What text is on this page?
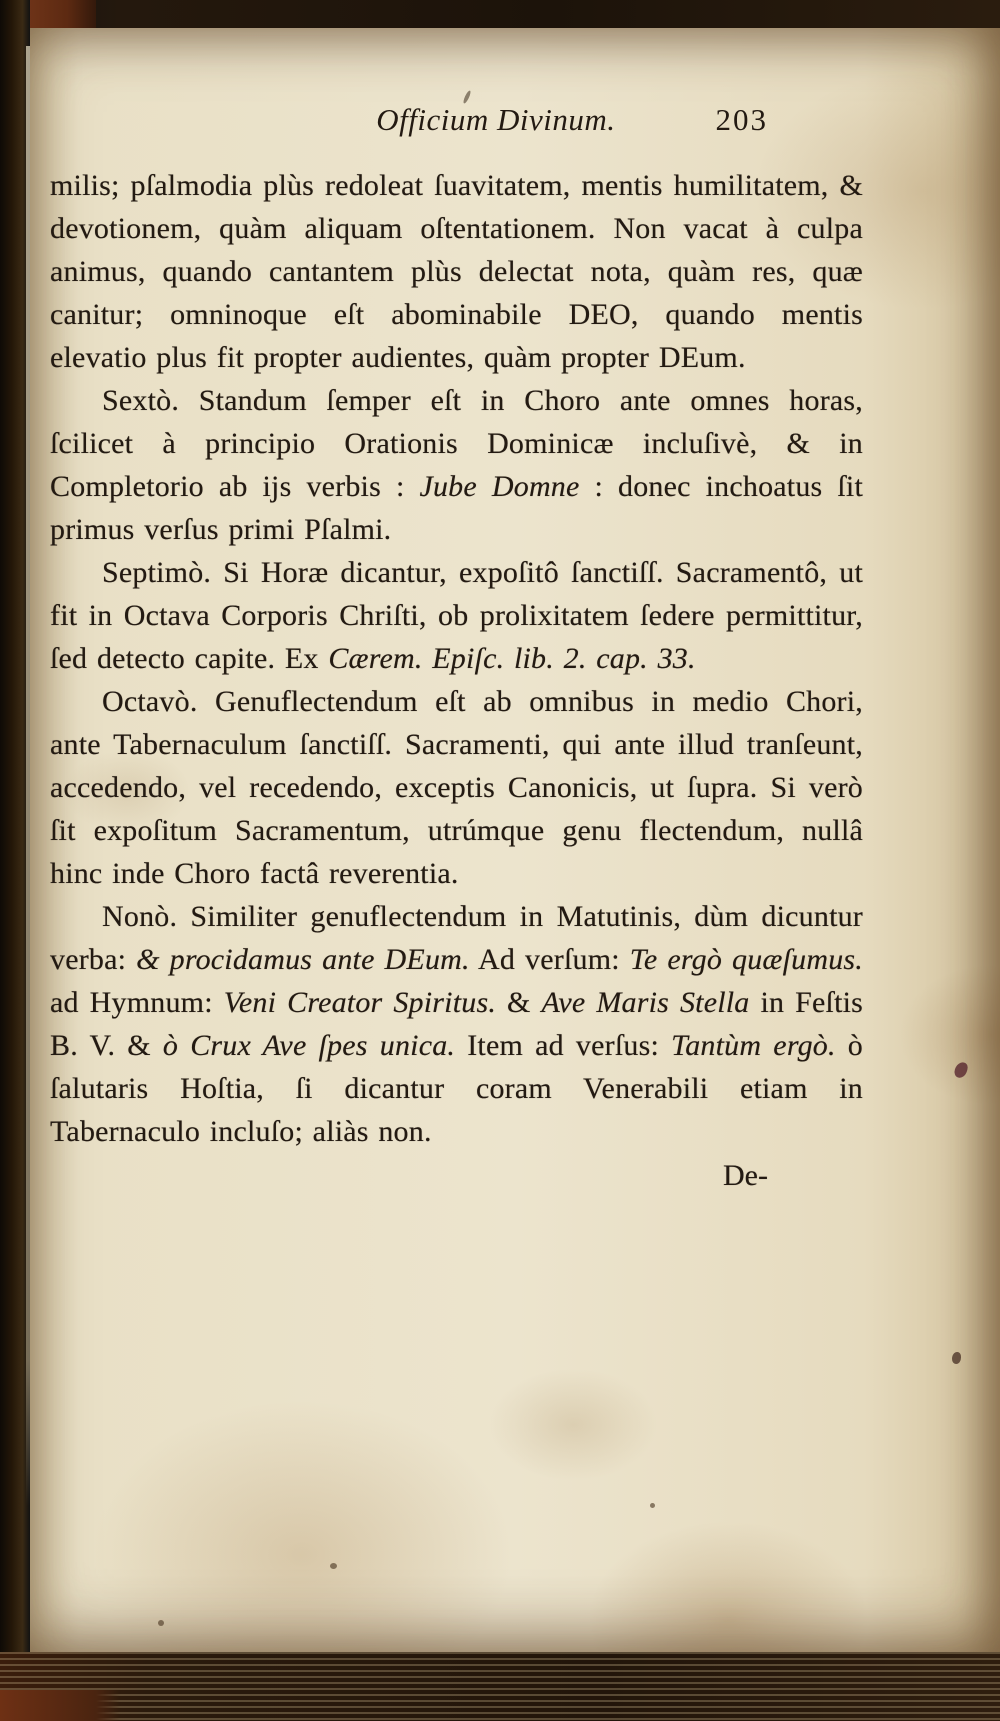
Officium Divinum.	203

milis; pſalmodia plùs redoleat ſuavitatem, mentis humilitatem, & devotionem, quàm aliquam oſtentationem. Non vacat à culpa animus, quando cantantem plùs delectat nota, quàm res, quæ canitur; omninoque eſt abominabile DEO, quando mentis elevatio plus fit propter audientes, quàm propter DEum.

Sextò. Standum ſemper eſt in Choro ante omnes horas, ſcilicet à principio Orationis Dominicæ incluſivè, & in Completorio ab ijs verbis : Jube Domne : donec inchoatus ſit primus verſus primi Pſalmi.

Septimò. Si Horæ dicantur, expoſitô ſanctiſſ. Sacramentô, ut fit in Octava Corporis Chriſti, ob prolixitatem ſedere permittitur, ſed detecto capite. Ex Cærem. Epiſc. lib. 2. cap. 33.

Octavò. Genuflectendum eſt ab omnibus in medio Chori, ante Tabernaculum ſanctiſſ. Sacramenti, qui ante illud tranſeunt, accedendo, vel recedendo, exceptis Canonicis, ut ſupra. Si verò ſit expoſitum Sacramentum, utrúmque genu flectendum, nullâ hinc inde Choro factâ reverentia.

Nonò. Similiter genuflectendum in Matutinis, dùm dicuntur verba: & procidamus ante DEum. Ad verſum: Te ergò quæſumus. ad Hymnum: Veni Creator Spiritus. & Ave Maris Stella in Feſtis B. V. & ò Crux Ave ſpes unica. Item ad verſus: Tantùm ergò. ò ſalutaris Hoſtia, ſi dicantur coram Venerabili etiam in Tabernaculo incluſo; aliàs non.

De-
